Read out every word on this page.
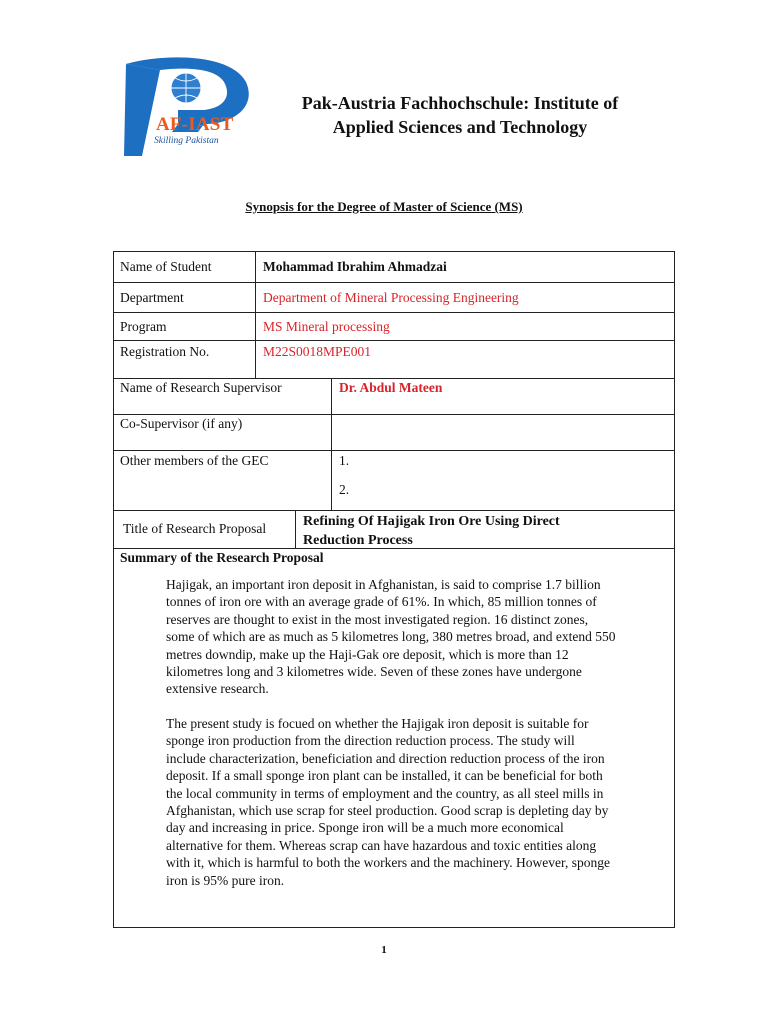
AF-IAST
Skilling Pakistan
Pak-Austria Fachhochschule: Institute of
Applied Sciences and Technology
Synopsis for the Degree of Master of Science (MS)
Name of Student	Mohammad Ibrahim Ahmadzai
Department	Department of Mineral Processing Engineering
Program	MS Mineral processing
Registration No.	M22S0018MPE001
Name of Research Supervisor	Dr. Abdul Mateen
Co-Supervisor (if any)
Other members of the GEC	1.
2.
Title of Research Proposal	Refining Of Hajigak Iron Ore Using Direct
Reduction Process
Summary of the Research Proposal
Hajigak, an important iron deposit in Afghanistan, is said to comprise 1.7 billion
tonnes of iron ore with an average grade of 61%. In which, 85 million tonnes of
reserves are thought to exist in the most investigated region. 16 distinct zones,
some of which are as much as 5 kilometres long, 380 metres broad, and extend 550
metres downdip, make up the Haji-Gak ore deposit, which is more than 12
kilometres long and 3 kilometres wide. Seven of these zones have undergone
extensive research.
The present study is focued on whether the Hajigak iron deposit is suitable for
sponge iron production from the direction reduction process. The study will
include characterization, beneficiation and direction reduction process of the iron
deposit. If a small sponge iron plant can be installed, it can be beneficial for both
the local community in terms of employment and the country, as all steel mills in
Afghanistan, which use scrap for steel production. Good scrap is depleting day by
day and increasing in price. Sponge iron will be a much more economical
alternative for them. Whereas scrap can have hazardous and toxic entities along
with it, which is harmful to both the workers and the machinery. However, sponge
iron is 95% pure iron.
1
